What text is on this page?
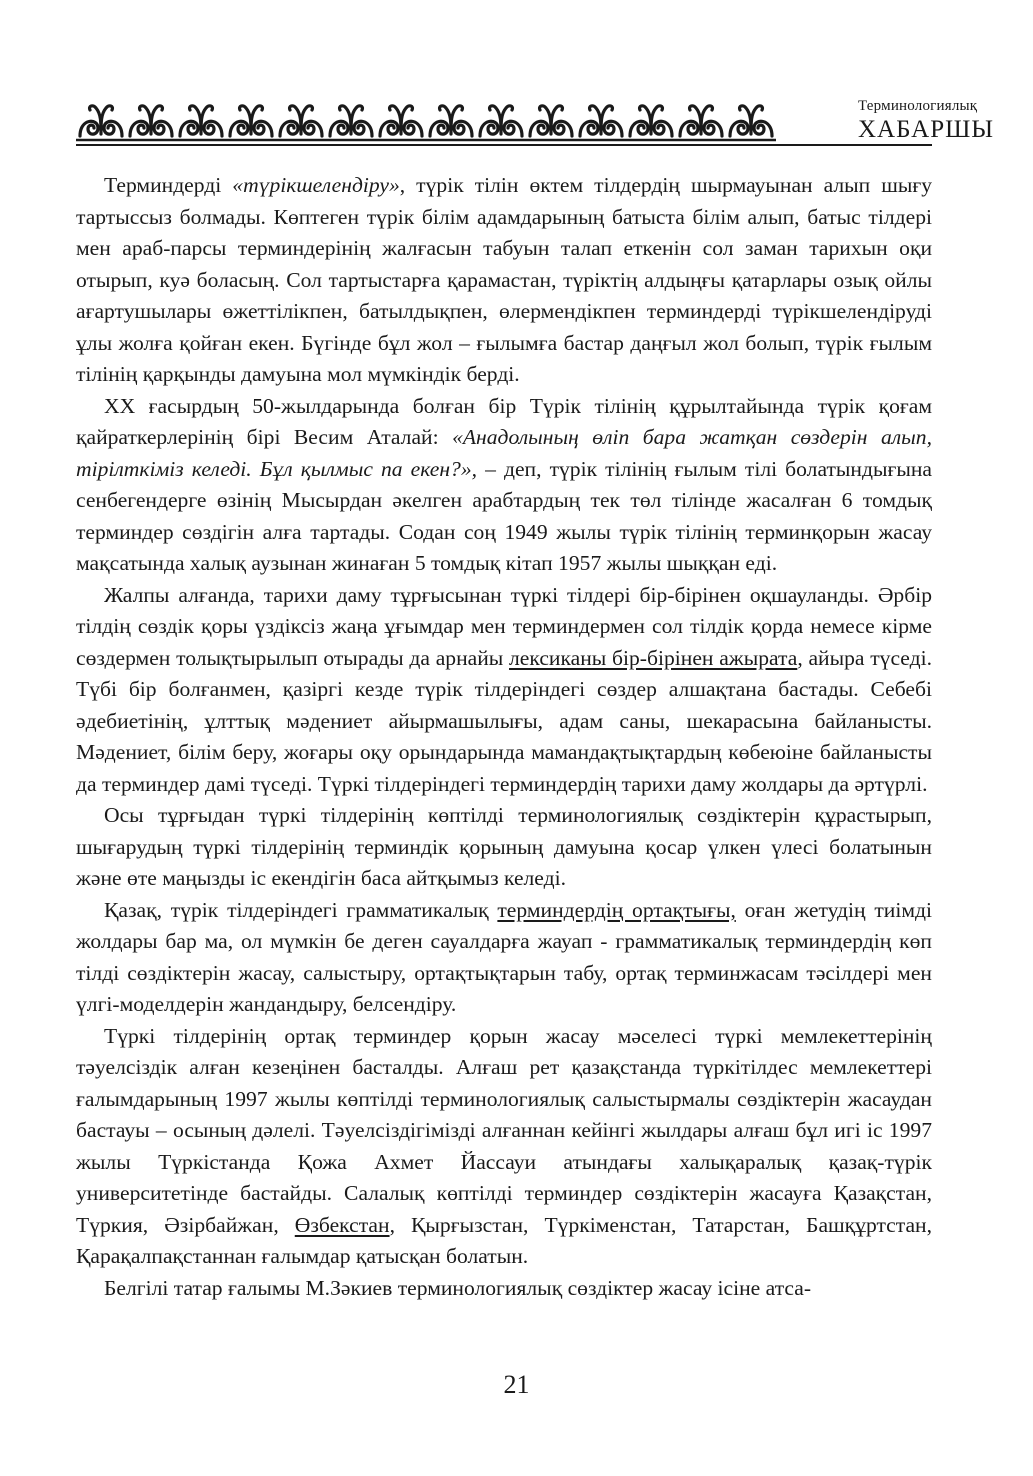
Терминологиялық
ХАБАРШЫ

Терминдерді «түрікшелендіру», түрік тілін өктем тілдердің шырмауынан алып шығу тартыссыз болмады. Көптеген түрік білім адамдарының батыста білім алып, батыс тілдері мен араб-парсы терминдерінің жалғасын табуын талап еткенін сол заман тарихын оқи отырып, куә боласың. Сол тартыстарға қарамастан, түріктің алдыңғы қатарлары озық ойлы ағартушылары өжеттілікпен, батылдықпен, өлермендікпен терминдерді түрікшелендіруді ұлы жолға қойған екен. Бүгінде бұл жол – ғылымға бастар даңғыл жол болып, түрік ғылым тілінің қарқынды дамуына мол мүмкіндік берді.

XX ғасырдың 50-жылдарында болған бір Түрік тілінің құрылтайында түрік қоғам қайраткерлерінің бірі Весим Аталай: «Анадолының өліп бара жатқан сөздерін алып, тірілткіміз келеді. Бұл қылмыс па екен?», – деп, түрік тілінің ғылым тілі болатындығына сенбегендерге өзінің Мысырдан әкелген арабтардың тек төл тілінде жасалған 6 томдық терминдер сөздігін алға тартады. Содан соң 1949 жылы түрік тілінің терминқорын жасау мақсатында халық аузынан жинаған 5 томдық кітап 1957 жылы шыққан еді.

Жалпы алғанда, тарихи даму тұрғысынан түркі тілдері бір-бірінен оқшауланды. Әрбір тілдің сөздік қоры үздіксіз жаңа ұғымдар мен терминдермен сол тілдік қорда немесе кірме сөздермен толықтырылып отырады да арнайы лексиканы бір-бірінен ажырата, айыра түседі. Түбі бір болғанмен, қазіргі кезде түрік тілдеріндегі сөздер алшақтана бастады. Себебі әдебиетінің, ұлттық мәдениет айырмашылығы, адам саны, шекарасына байланысты. Мәдениет, білім беру, жоғары оқу орындарында мамандақтықтардың көбеюіне байланысты да терминдер дамі түседі. Түркі тілдеріндегі терминдердің тарихи даму жолдары да әртүрлі.

Осы тұрғыдан түркі тілдерінің көптілді терминологиялық сөздіктерін құрастырып, шығарудың түркі тілдерінің терминдік қорының дамуына қосар үлкен үлесі болатынын және өте маңызды іс екендігін баса айтқымыз келеді.

Қазақ, түрік тілдеріндегі грамматикалық терминдердің ортақтығы, оған жетудің тиімді жолдары бар ма, ол мүмкін бе деген сауалдарға жауап - грамматикалық терминдердің көп тілді сөздіктерін жасау, салыстыру, ортақтықтарын табу, ортақ терминжасам тәсілдері мен үлгі-моделдерін жандандыру, белсендіру.

Түркі тілдерінің ортақ терминдер қорын жасау мәселесі түркі мемлекеттерінің тәуелсіздік алған кезеңінен басталды. Алғаш рет қазақстанда түркітілдес мемлекеттері ғалымдарының 1997 жылы көптілді терминологиялық салыстырмалы сөздіктерін жасаудан бастауы – осының дәлелі. Тәуелсіздігімізді алғаннан кейінгі жылдары алғаш бұл игі іс 1997 жылы Түркістанда Қожа Ахмет Йассауи атындағы халықаралық қазақ-түрік университетінде бастайды. Салалық көптілді терминдер сөздіктерін жасауға Қазақстан, Түркия, Әзірбайжан, Өзбекстан, Қырғызстан, Түркіменстан, Татарстан, Башқұртстан, Қарақалпақстаннан ғалымдар қатысқан болатын.

Белгілі татар ғалымы М.Зәкиев терминологиялық сөздіктер жасау ісіне атса-

21
